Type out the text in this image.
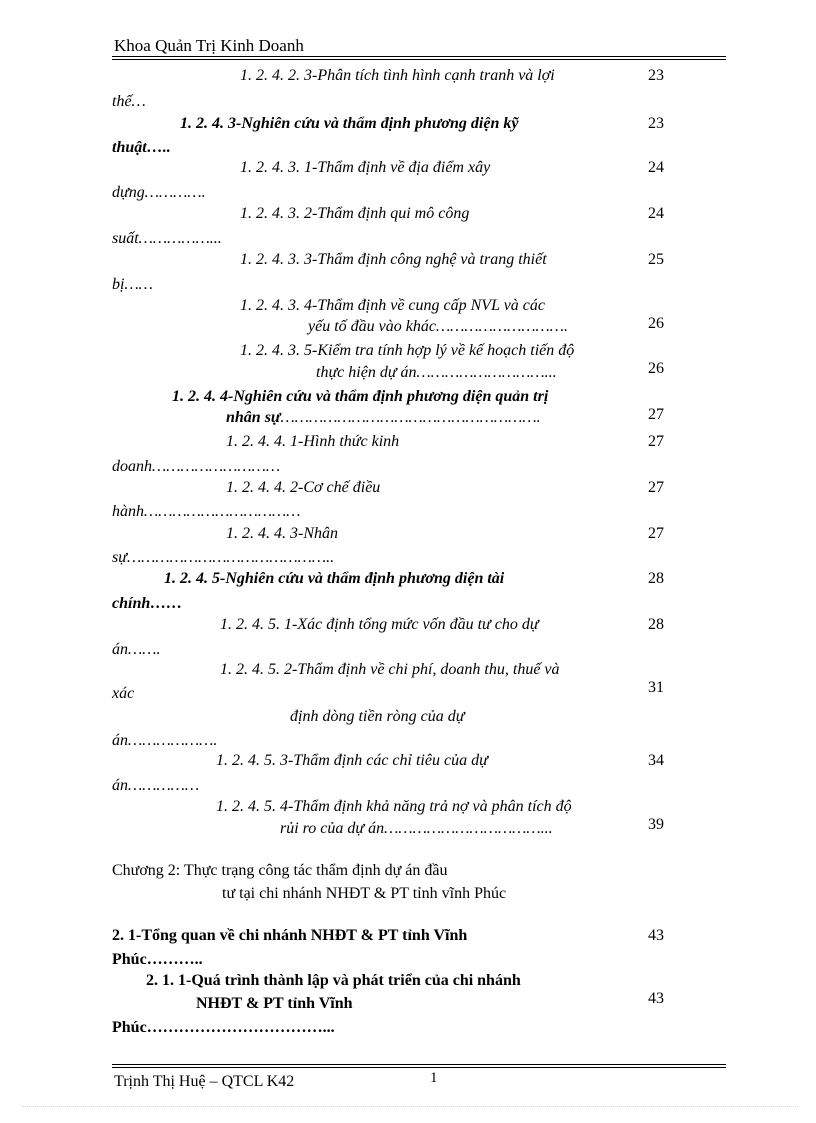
Khoa Quản Trị Kinh Doanh
1. 2. 4. 2. 3-Phân tích tình hình cạnh tranh và lợi
thế…
23
1. 2. 4. 3-Nghiên cứu và thẩm định phương diện kỹ
thuật…..
23
1. 2. 4. 3. 1-Thẩm định về địa điểm xây
dựng………….
24
1. 2. 4. 3. 2-Thẩm định qui mô công
suất……………...
24
1. 2. 4. 3. 3-Thẩm định công nghệ và trang thiết
bị……
25
1. 2. 4. 3. 4-Thẩm định về cung cấp NVL và các
yếu tố đầu vào khác……………………….	26
1. 2. 4. 3. 5-Kiểm tra tính hợp lý về kế hoạch tiến độ
thực hiện dự án………………………...	26
1. 2. 4. 4-Nghiên cứu và thẩm định phương diện quản trị
nhân sự……………………………………………….	27
1. 2. 4. 4. 1-Hình thức kinh
doanh………………………
27
1. 2. 4. 4. 2-Cơ chế điều
hành……………………………
27
1. 2. 4. 4. 3-Nhân
sự……………………………………..
27
1. 2. 4. 5-Nghiên cứu và thẩm định phương diện tài
chính……
28
1. 2. 4. 5. 1-Xác định tổng mức vốn đầu tư cho dự
án…….
28
1. 2. 4. 5. 2-Thẩm định về chi phí, doanh thu, thuế và
xác
định dòng tiền ròng của dự
án……………….
31
1. 2. 4. 5. 3-Thẩm định các chỉ tiêu của dự
án……………
34
1. 2. 4. 5. 4-Thẩm định khả năng trả nợ và phân tích độ
rủi ro của dự án……………………………...	39
Chương 2: Thực trạng công tác thẩm định dự án đầu
tư tại chi nhánh NHĐT & PT tỉnh vĩnh Phúc
2. 1-Tổng quan về chi nhánh NHĐT & PT tỉnh Vĩnh
Phúc………..
43
2. 1. 1-Quá trình thành lập và phát triển của chi nhánh
NHĐT & PT tỉnh Vĩnh
Phúc……………………………...
43
Trịnh Thị Huệ – QTCL K42	1
